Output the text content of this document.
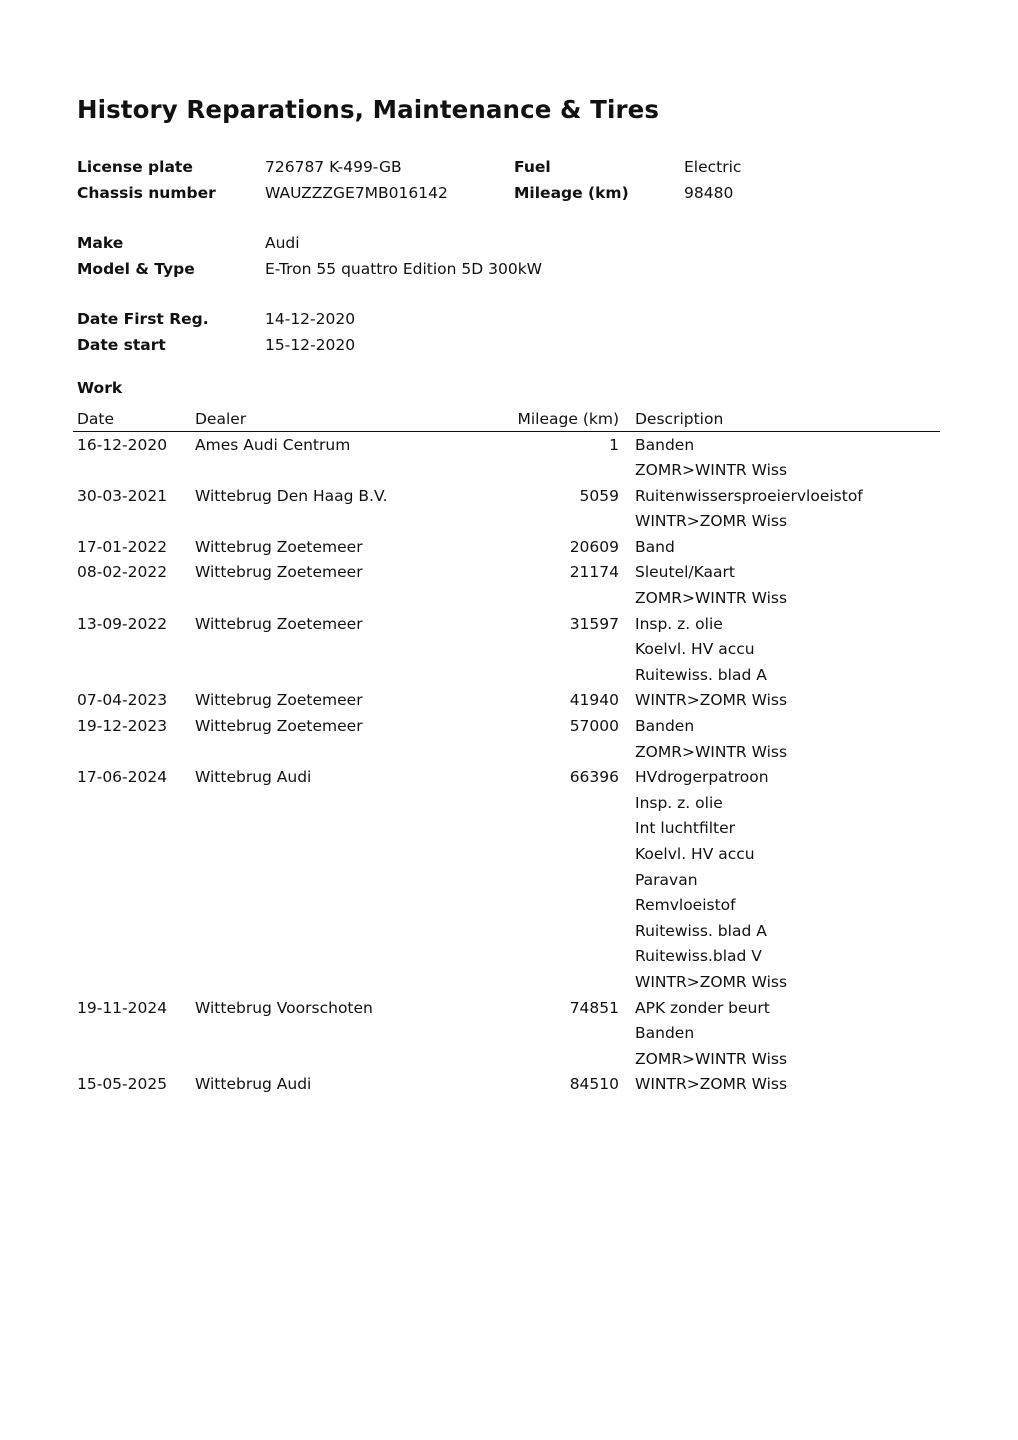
History Reparations, Maintenance & Tires
License plate	726787 K-499-GB	Fuel	Electric
Chassis number	WAUZZZGE7MB016142	Mileage (km)	98480
Make	Audi
Model & Type	E-Tron 55 quattro Edition 5D 300kW
Date First Reg.	14-12-2020
Date start	15-12-2020
Work
Date	Dealer	Mileage (km) Description
16-12-2020 Ames Audi Centrum	1 Banden
ZOMR>WINTR Wiss
30-03-2021 Wittebrug Den Haag B.V.	5059 Ruitenwissersproeiervloeistof
WINTR>ZOMR Wiss
17-01-2022 Wittebrug Zoetemeer	20609 Band
08-02-2022 Wittebrug Zoetemeer	21174 Sleutel/Kaart
ZOMR>WINTR Wiss
13-09-2022 Wittebrug Zoetemeer	31597 Insp. z. olie
Koelvl. HV accu
Ruitewiss. blad A
07-04-2023 Wittebrug Zoetemeer	41940 WINTR>ZOMR Wiss
19-12-2023 Wittebrug Zoetemeer	57000 Banden
ZOMR>WINTR Wiss
17-06-2024 Wittebrug Audi	66396 HVdrogerpatroon
Insp. z. olie
Int luchtfilter
Koelvl. HV accu
Paravan
Remvloeistof
Ruitewiss. blad A
Ruitewiss.blad V
WINTR>ZOMR Wiss
19-11-2024 Wittebrug Voorschoten	74851 APK zonder beurt
Banden
ZOMR>WINTR Wiss
15-05-2025 Wittebrug Audi	84510 WINTR>ZOMR Wiss
